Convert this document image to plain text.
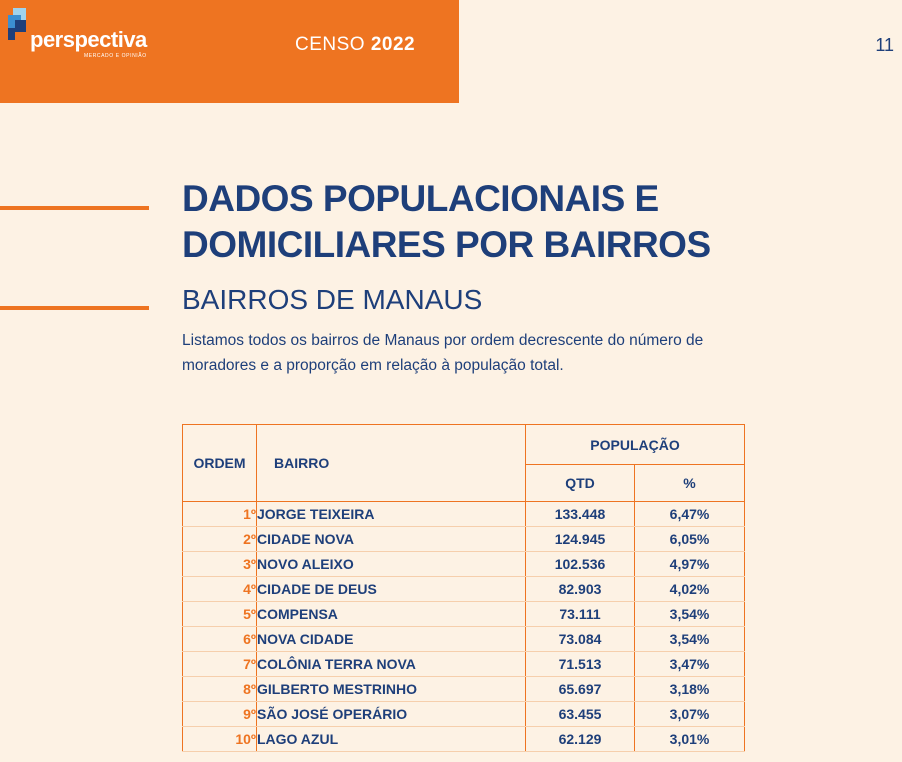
perspectiva
MERCADO E OPINIÃO
CENSO 2022	11
DADOS POPULACIONAIS E
DOMICILIARES POR BAIRROS
BAIRROS DE MANAUS

Listamos todos os bairros de Manaus por ordem decrescente do número de moradores e a proporção em relação à população total.

ORDEM	BAIRRO	POPULAÇÃO	
		QTD	%
1º	JORGE TEIXEIRA	133.448	6,47%
2º	CIDADE NOVA	124.945	6,05%
3º	NOVO ALEIXO	102.536	4,97%
4º	CIDADE DE DEUS	82.903	4,02%
5º	COMPENSA	73.111	3,54%
6º	NOVA CIDADE	73.084	3,54%
7º	COLÔNIA TERRA NOVA	71.513	3,47%
8º	GILBERTO MESTRINHO	65.697	3,18%
9º	SÃO JOSÉ OPERÁRIO	63.455	3,07%
10º	LAGO AZUL	62.129	3,01%
